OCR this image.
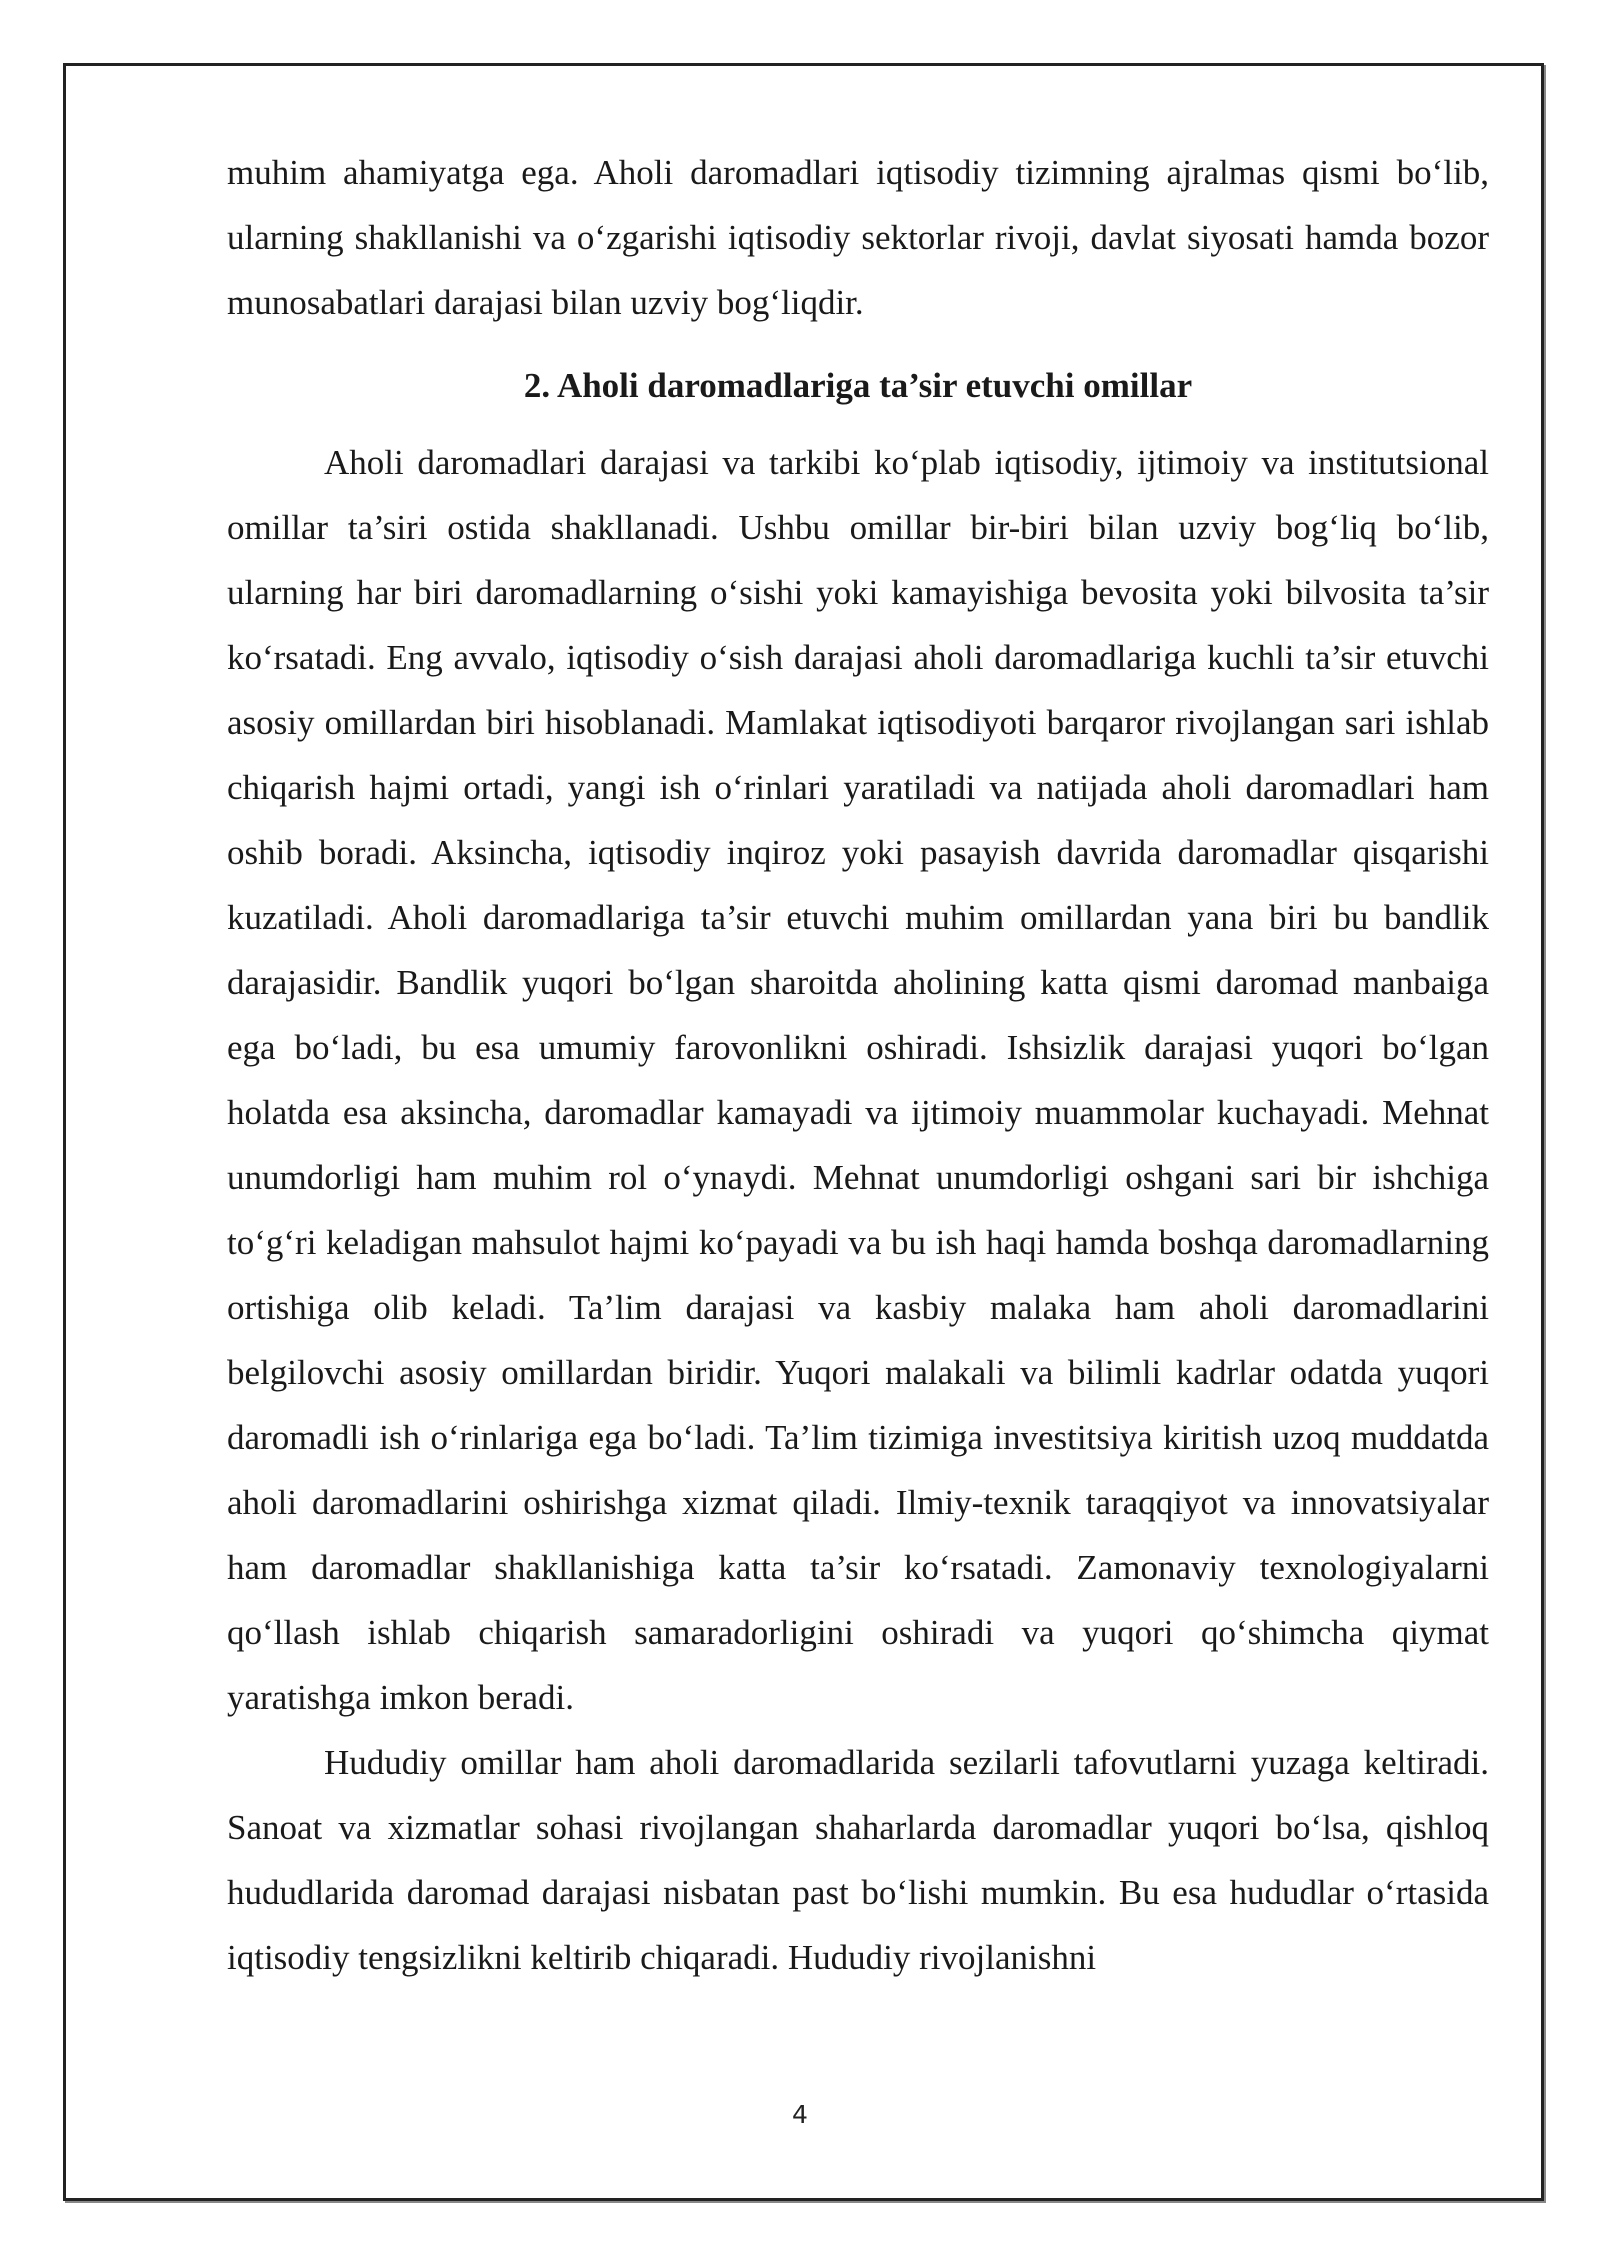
muhim ahamiyatga ega. Aholi daromadlari iqtisodiy tizimning ajralmas qismi bo‘lib, ularning shakllanishi va o‘zgarishi iqtisodiy sektorlar rivoji, davlat siyosati hamda bozor munosabatlari darajasi bilan uzviy bog‘liqdir.

2. Aholi daromadlariga ta’sir etuvchi omillar

Aholi daromadlari darajasi va tarkibi ko‘plab iqtisodiy, ijtimoiy va institutsional omillar ta’siri ostida shakllanadi. Ushbu omillar bir-biri bilan uzviy bog‘liq bo‘lib, ularning har biri daromadlarning o‘sishi yoki kamayishiga bevosita yoki bilvosita ta’sir ko‘rsatadi. Eng avvalo, iqtisodiy o‘sish darajasi aholi daromadlariga kuchli ta’sir etuvchi asosiy omillardan biri hisoblanadi. Mamlakat iqtisodiyoti barqaror rivojlangan sari ishlab chiqarish hajmi ortadi, yangi ish o‘rinlari yaratiladi va natijada aholi daromadlari ham oshib boradi. Aksincha, iqtisodiy inqiroz yoki pasayish davrida daromadlar qisqarishi kuzatiladi. Aholi daromadlariga ta’sir etuvchi muhim omillardan yana biri bu bandlik darajasidir. Bandlik yuqori bo‘lgan sharoitda aholining katta qismi daromad manbaiga ega bo‘ladi, bu esa umumiy farovonlikni oshiradi. Ishsizlik darajasi yuqori bo‘lgan holatda esa aksincha, daromadlar kamayadi va ijtimoiy muammolar kuchayadi. Mehnat unumdorligi ham muhim rol o‘ynaydi. Mehnat unumdorligi oshgani sari bir ishchiga to‘g‘ri keladigan mahsulot hajmi ko‘payadi va bu ish haqi hamda boshqa daromadlarning ortishiga olib keladi. Ta’lim darajasi va kasbiy malaka ham aholi daromadlarini belgilovchi asosiy omillardan biridir. Yuqori malakali va bilimli kadrlar odatda yuqori daromadli ish o‘rinlariga ega bo‘ladi. Ta’lim tizimiga investitsiya kiritish uzoq muddatda aholi daromadlarini oshirishga xizmat qiladi. Ilmiy-texnik taraqqiyot va innovatsiyalar ham daromadlar shakllanishiga katta ta’sir ko‘rsatadi. Zamonaviy texnologiyalarni qo‘llash ishlab chiqarish samaradorligini oshiradi va yuqori qo‘shimcha qiymat yaratishga imkon beradi.

Hududiy omillar ham aholi daromadlarida sezilarli tafovutlarni yuzaga keltiradi. Sanoat va xizmatlar sohasi rivojlangan shaharlarda daromadlar yuqori bo‘lsa, qishloq hududlarida daromad darajasi nisbatan past bo‘lishi mumkin. Bu esa hududlar o‘rtasida iqtisodiy tengsizlikni keltirib chiqaradi. Hududiy rivojlanishni

4
